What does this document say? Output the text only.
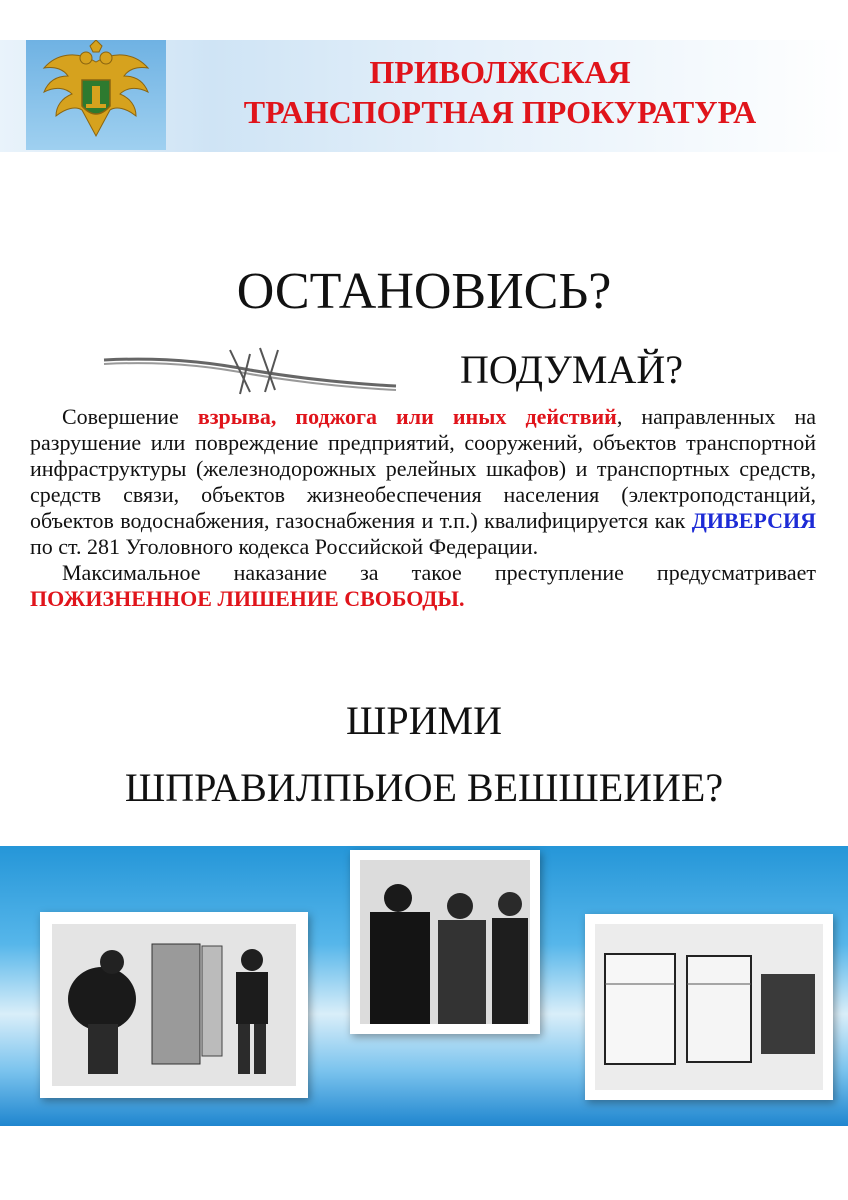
ПРИВОЛЖСКАЯ
ТРАНСПОРТНАЯ ПРОКУРАТУРА
ОСТАНОВИСЬ?
ПОДУМАЙ?

Совершение взрыва, поджога или иных действий, направленных на разрушение или повреждение предприятий, сооружений, объектов транспортной инфраструктуры (железнодорожных релейных шкафов) и транспортных средств, средств связи, объектов жизнеобеспечения населения (электроподстанций, объектов водоснабжения, газоснабжения и т.п.) квалифицируется как ДИВЕРСИЯ по ст. 281 Уголовного кодекса Российской Федерации.

Максимальное наказание за такое преступление предусматривает ПОЖИЗНЕННОЕ ЛИШЕНИЕ СВОБОДЫ.

ШРИМИ
ШПРАВИЛПЬИОЕ ВЕШШЕИИЕ?
